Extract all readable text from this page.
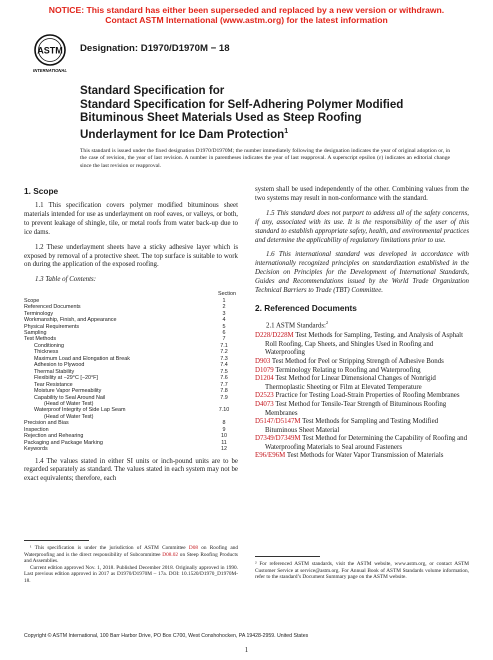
NOTICE: This standard has either been superseded and replaced by a new version or withdrawn.
Contact ASTM International (www.astm.org) for the latest information
ASTM
INTERNATIONAL
Designation: D1970/D1970M − 18
Standard Specification for
Standard Specification for Self-Adhering Polymer Modified Bituminous Sheet Materials Used as Steep Roofing Underlayment for Ice Dam Protection$^1$
This standard is issued under the fixed designation D1970/D1970M; the number immediately following the designation indicates the year of original adoption or, in the case of revision, the year of last revision. A number in parentheses indicates the year of last reapproval. A superscript epsilon (ε) indicates an editorial change since the last revision or reapproval.
1. Scope

1.1 This specification covers polymer modified bituminous sheet materials intended for use as underlayment on roof eaves, or valleys, or both, to prevent leakage of shingle, tile, or metal roofs from water back-up due to ice dams.

1.2 These underlayment sheets have a sticky adhesive layer which is exposed by removal of a protective sheet. The top surface is suitable to work on during the application of the exposed roofing.

1.3 Table of Contents:

Section
Scope	1
Referenced Documents	2
Terminology	3
Workmanship, Finish, and Appearance	4
Physical Requirements	5
Sampling	6
Test Methods	7
Conditioning	7.1
Thickness	7.2
Maximum Load and Elongation at Break	7.3
Adhesion to Plywood	7.4
Thermal Stability	7.5
Flexibility at −29°C [−20°F]	7.6
Tear Resistance	7.7
Moisture Vapor Permeability	7.8
Capability to Seal Around Nail	7.9
(Head of Water Test)
Waterproof Integrity of Side Lap Seam	7.10
(Head of Water Test)
Precision and Bias	8
Inspection	9
Rejection and Rehearing	10
Packaging and Package Marking	11
Keywords	12

1.4 The values stated in either SI units or inch-pound units are to be regarded separately as standard. The values stated in each system may not be exact equivalents; therefore, each

system shall be used independently of the other. Combining values from the two systems may result in non-conformance with the standard.

1.5 This standard does not purport to address all of the safety concerns, if any, associated with its use. It is the responsibility of the user of this standard to establish appropriate safety, health, and environmental practices and determine the applicability of regulatory limitations prior to use.

1.6 This international standard was developed in accordance with internationally recognized principles on standardization established in the Decision on Principles for the Development of International Standards, Guides and Recommendations issued by the World Trade Organization Technical Barriers to Trade (TBT) Committee.

2. Referenced Documents
2.1 ASTM Standards:$^2$
D228/D228M Test Methods for Sampling, Testing, and Analysis of Asphalt Roll Roofing, Cap Sheets, and Shingles Used in Roofing and Waterproofing
D903 Test Method for Peel or Stripping Strength of Adhesive Bonds
D1079 Terminology Relating to Roofing and Waterproofing
D1204 Test Method for Linear Dimensional Changes of Nonrigid Thermoplastic Sheeting or Film at Elevated Temperature
D2523 Practice for Testing Load-Strain Properties of Roofing Membranes
D4073 Test Method for Tensile-Tear Strength of Bituminous Roofing Membranes
D5147/D5147M Test Methods for Sampling and Testing Modified Bituminous Sheet Material
D7349/D7349M Test Method for Determining the Capability of Roofing and Waterproofing Materials to Seal around Fasteners
E96/E96M Test Methods for Water Vapor Transmission of Materials
¹ This specification is under the jurisdiction of ASTM Committee D08 on Roofing and Waterproofing and is the direct responsibility of Subcommittee D08.02 on Steep Roofing Products and Assemblies.
Current edition approved Nov. 1, 2018. Published December 2018. Originally approved in 1990. Last previous edition approved in 2017 as D1970/D1970M – 17a. DOI: 10.1520/D1970_D1970M-18.
² For referenced ASTM standards, visit the ASTM website, www.astm.org, or contact ASTM Customer Service at service@astm.org. For Annual Book of ASTM Standards volume information, refer to the standard’s Document Summary page on the ASTM website.
Copyright © ASTM International, 100 Barr Harbor Drive, PO Box C700, West Conshohocken, PA 19428-2959. United States
1
